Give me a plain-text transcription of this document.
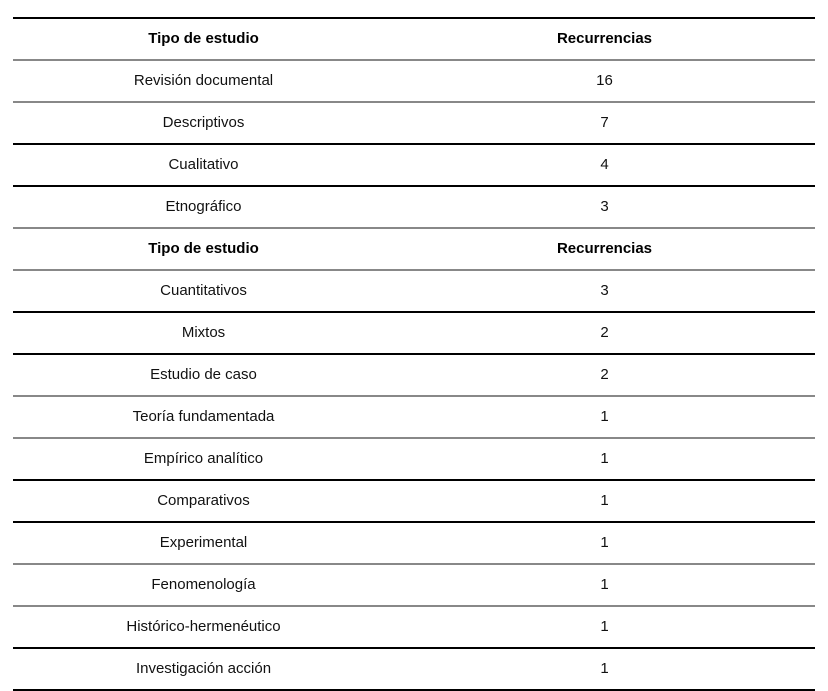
Tipo de estudio	Recurrencias
Revisión documental	16
Descriptivos	7
Cualitativo	4
Etnográfico	3
Tipo de estudio	Recurrencias
Cuantitativos	3
Mixtos	2
Estudio de caso	2
Teoría fundamentada	1
Empírico analítico	1
Comparativos	1
Experimental	1
Fenomenología	1
Histórico-hermenéutico	1
Investigación acción	1
